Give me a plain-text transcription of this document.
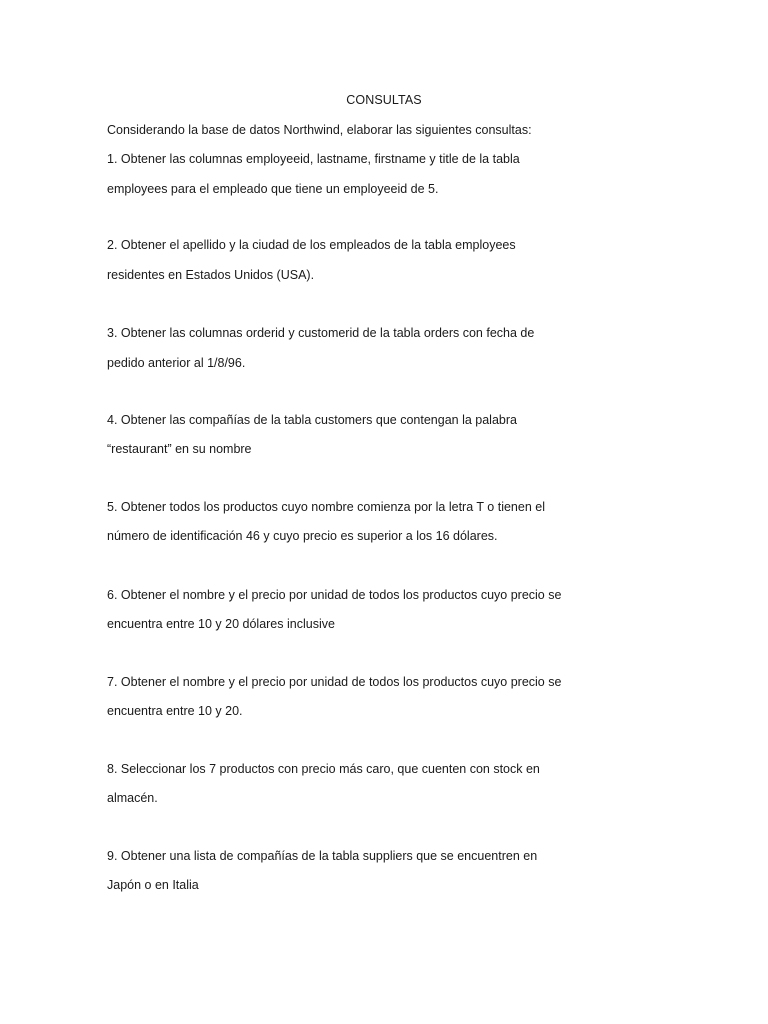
CONSULTAS
Considerando la base de datos Northwind, elaborar las siguientes consultas:
1. Obtener las columnas employeeid, lastname, firstname y title de la tabla
employees para el empleado que tiene un employeeid de 5.
2. Obtener el apellido y la ciudad de los empleados de la tabla employees
residentes en Estados Unidos (USA).
3. Obtener las columnas orderid y customerid de la tabla orders con fecha de
pedido anterior al 1/8/96.
4. Obtener las compañías de la tabla customers que contengan la palabra
“restaurant” en su nombre
5. Obtener todos los productos cuyo nombre comienza por la letra T o tienen el
número de identificación 46 y cuyo precio es superior a los 16 dólares.
6. Obtener el nombre y el precio por unidad de todos los productos cuyo precio se
encuentra entre 10 y 20 dólares inclusive
7. Obtener el nombre y el precio por unidad de todos los productos cuyo precio se
encuentra entre 10 y 20.
8. Seleccionar los 7 productos con precio más caro, que cuenten con stock en
almacén.
9. Obtener una lista de compañías de la tabla suppliers que se encuentren en
Japón o en Italia
